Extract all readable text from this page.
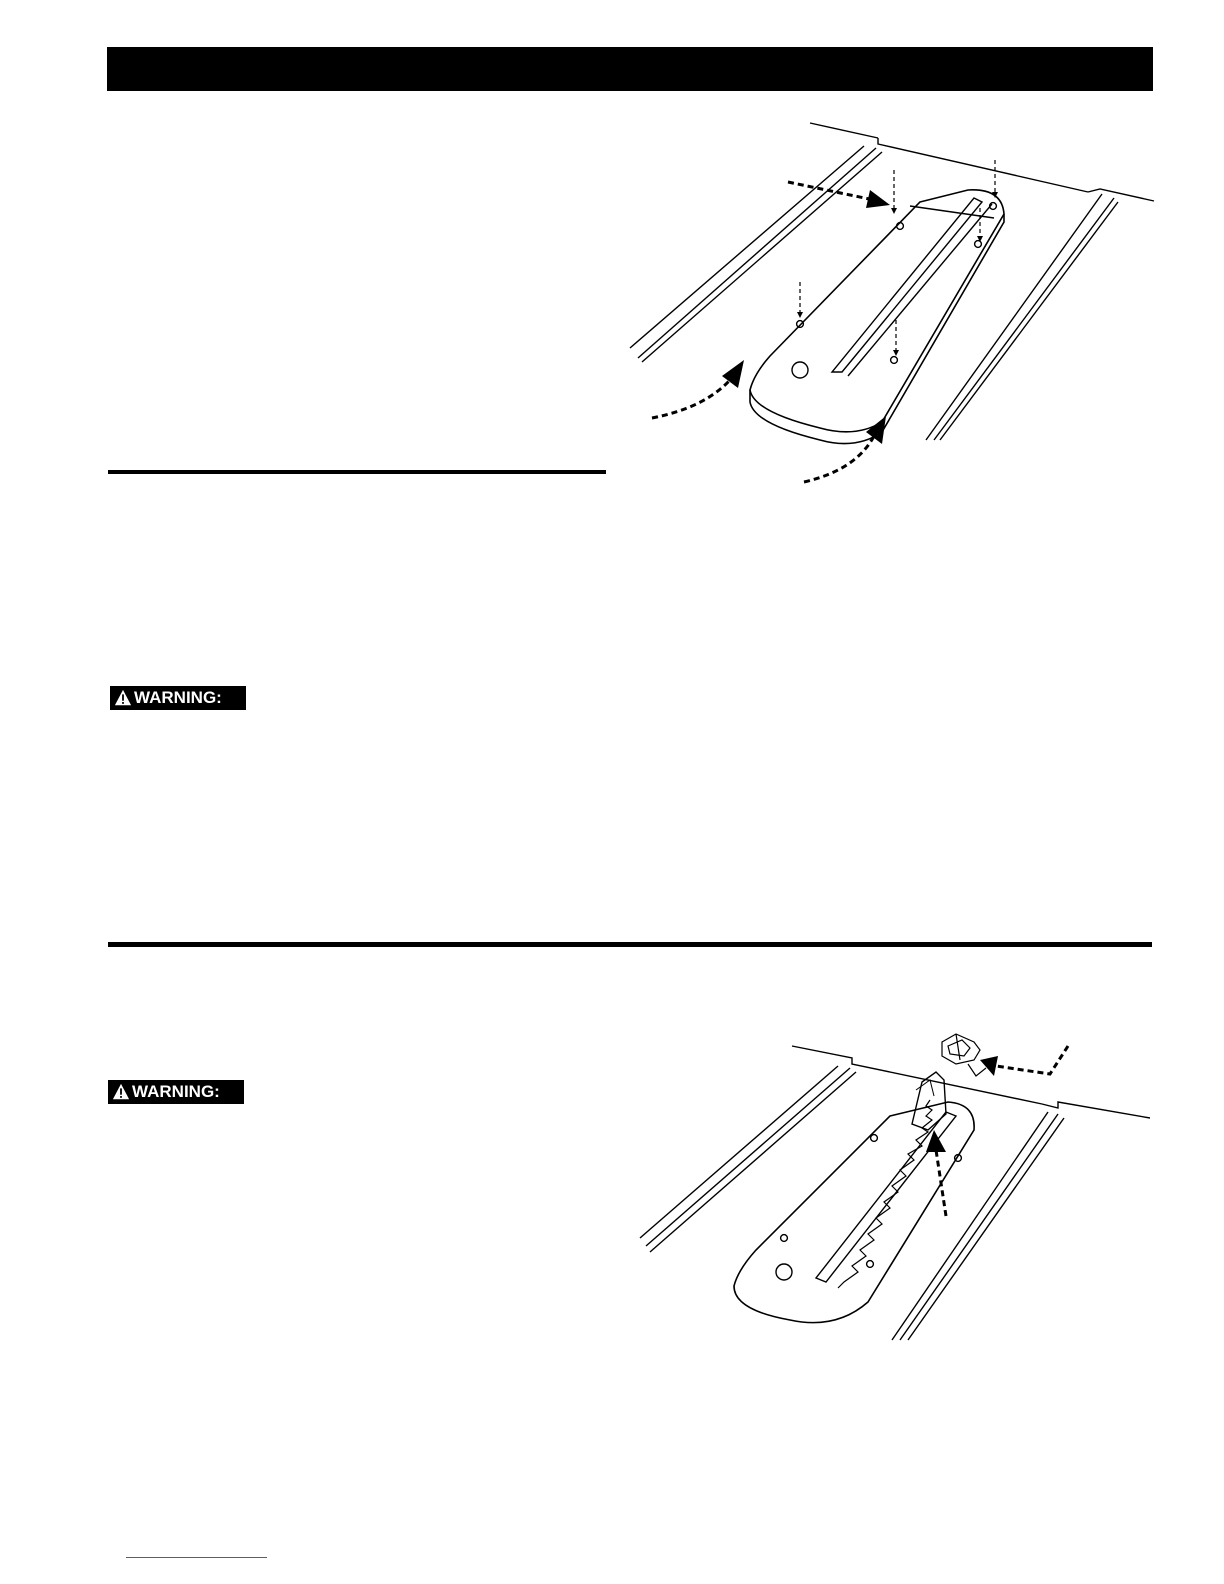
WARNING:
WARNING:
